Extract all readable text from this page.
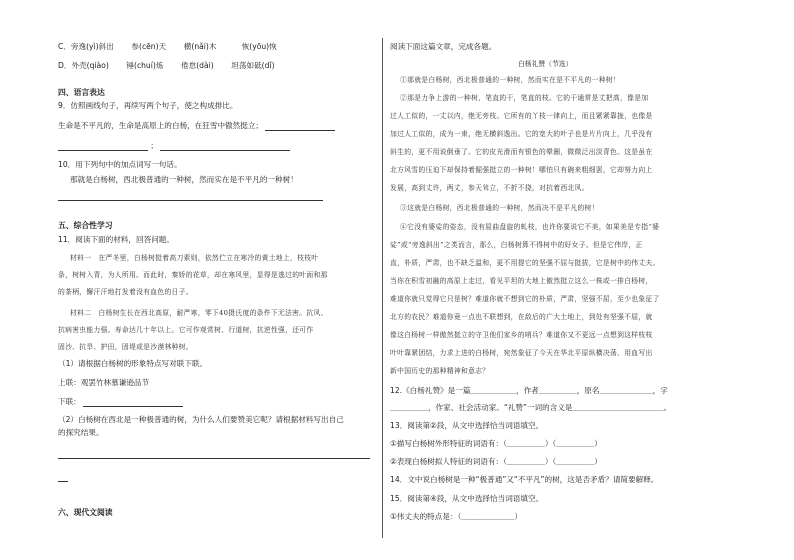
C．旁逸(yì)斜出　　 参(cēn)天　　 横(nǎi)木　　　 恢(yōu)恢
D．外壳(qiào)　　 锤(chuí)炼　　 倦怠(dài)　　 坦荡如砥(dǐ)
四、语言表达
9．仿照画线句子，再续写两个句子，使之构成排比。
生命是不平凡的，生命是高原上的白杨，在狂雪中傲然挺立；
；
10．用下列句中的加点词写一句话。
那就是白杨树，西北极普通的一种树，然而实在是不平凡的一种树！
五、综合性学习
11．阅读下面的材料，回答问题。
材料一　在严冬里，白杨树挺着高刀素则，依然伫立在寒冷的黄土地上，枝枝叶
条，树树入青，为人所用。而此时，秦娇的花草，却在寒风里，显得是逃过的叶面和那
的茶柄，懈汗汗地打发着没有血色的日子。
材料二　白杨树生长在西北高原，耐严寒，零下40摄氏度的条件下无法害。抗风、
抗病害虫能力强。寿命达几十年以上。它可作观赏树、行道树，抗逆性强，还可作
固沙、抗旱、护田，固堤或是沙漠林种树。
（1）请根据白杨树的形象特点写对联下联。
上联：观罢竹林慕谦逊品节
下联：
（2）白杨树在西北是一种极普通的树，为什么人们要赞美它呢？请根据材料写出自己
的探究结果。
六、现代文阅读
阅读下面这篇文章，完成各题。
白杨礼赞（节选）
①那就是白杨树，西北极普通的一种树，然而实在是不平凡的一种树！
②那是力争上游的一种树，笔直的干，笔直的枝。它的干通常是丈把高，像是加
过人工似的，一丈以内，绝无旁枝。它所有的丫枝一律向上，而且紧紧靠拢，也像是
加过人工似的，成为一束，绝无横斜逸出。它的宽大的叶子也是片片向上，几乎没有
斜生的，更不用说倒垂了。它的皮光滑而有银色的晕圈，微微泛出淡青色。这是虽在
北方风雪的压迫下却保持着倔强挺立的一种树！哪怕只有碗来粗细罢，它却努力向上
发展，高到丈许，两丈，参天耸立，不折不挠，对抗着西北风。
③这就是白杨树，西北极普通的一种树，然而决不是平凡的树！
④它没有婆娑的姿态，没有屈曲盘旋的虬枝，也许你要说它不美，如果美是专指“婆
娑”或“旁逸斜出”之类而言，那么，白杨树算不得树中的好女子。但是它伟岸，正
直，朴质，严肃，也不缺乏温和，更不用提它的坚强不屈与挺拔，它是树中的伟丈夫。
当你在积雪初融的高原上走过，看见平坦的大地上傲然挺立这么一株或一排白杨树，
难道你就只觉得它只是树？难道你就不想到它的朴质，严肃，坚强不屈，至少也象征了
北方的农民？难道你竟一点也不联想到，在敌后的广大土地上，到处有坚强不屈，就
像这白杨树一样傲然挺立的守卫他们家乡的哨兵？难道你又不更远一点想到这样枝枝
叶叶靠紧团结，力求上进的白杨树，宛然象征了今天在华北平原纵横决荡、用血写出
新中国历史的那种精神和意志？
12.《白杨礼赞》是一篇＿＿＿＿＿＿，作者＿＿＿＿＿，原名＿＿＿＿＿＿＿，字
＿＿＿＿＿，作家、社会活动家。“礼赞”一词的含义是＿＿＿＿＿＿＿＿＿＿＿＿。
13．阅读第②段，从文中选择恰当词语填空。
①描写白杨树外形特征的词语有：（＿＿＿＿＿）（＿＿＿＿＿）
②表现白杨树拟人特征的词语有：（＿＿＿＿＿）（＿＿＿＿＿）
14．文中说白杨树是一种“极普通”又“不平凡”的树，这是否矛盾？请简要解释。
15．阅读第④段，从文中选择恰当词语填空。
①伟丈夫的特点是：（＿＿＿＿＿＿＿）
